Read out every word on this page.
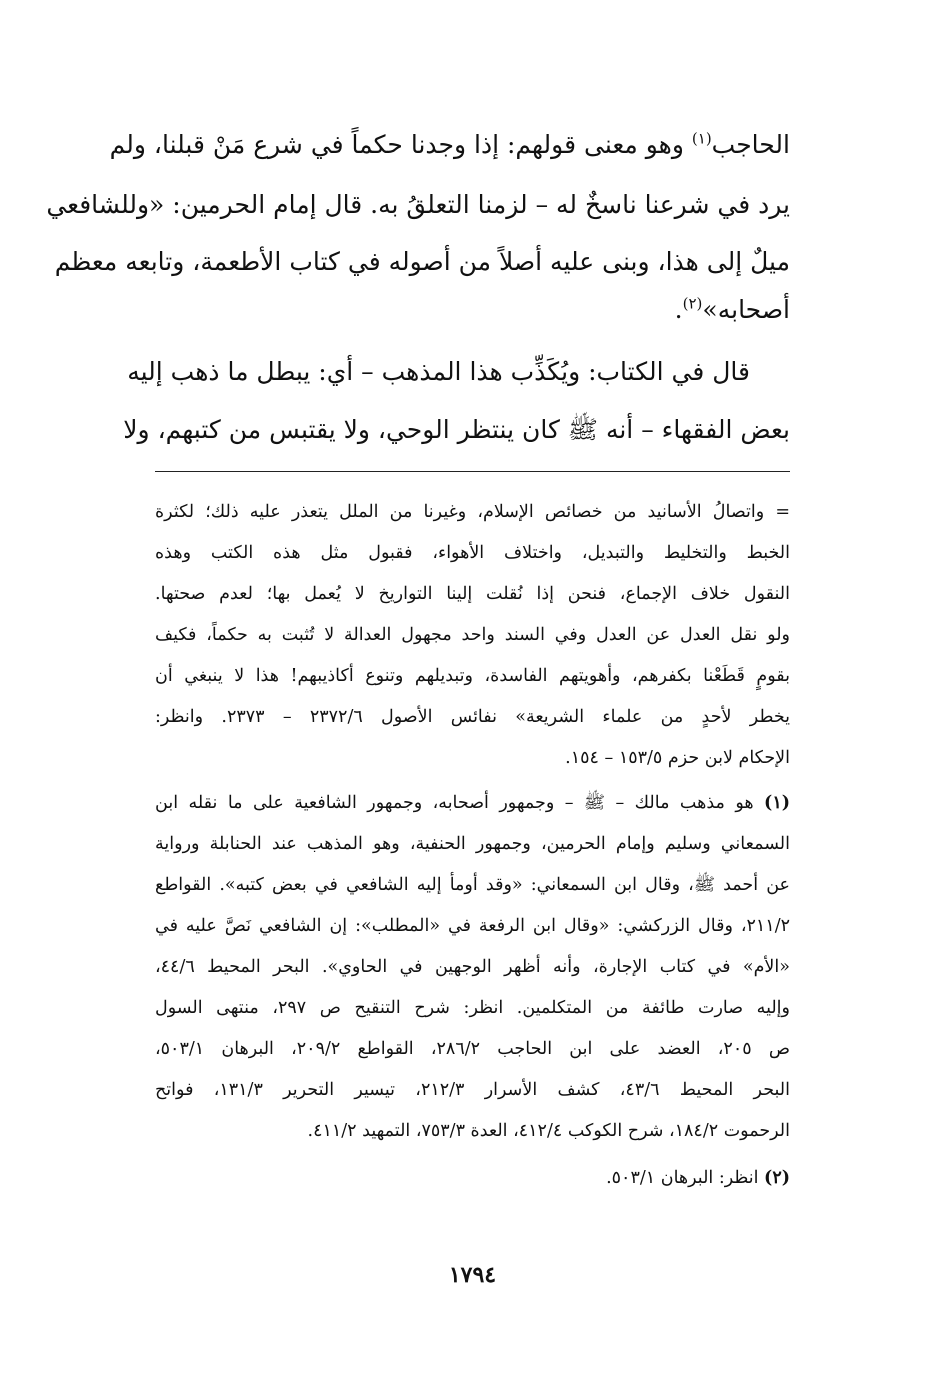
الحاجب$^{(١)}$ وهو معنى قولهم: إذا وجدنا حكماً في شرع مَنْ قبلنا، ولم

يرد في شرعنا ناسخٌ له – لزمنا التعلقُ به. قال إمام الحرمين: «وللشافعي

ميلٌ إلى هذا، وبنى عليه أصلاً من أصوله في كتاب الأطعمة، وتابعه معظم

أصحابه»$^{(٢)}$.

قال في الكتاب: ويُكَذِّب هذا المذهب – أي: يبطل ما ذهب إليه

بعض الفقهاء – أنه ﷺ كان ينتظر الوحي، ولا يقتبس من كتبهم، ولا

= واتصالُ الأسانيد من خصائص الإسلام، وغيرنا من الملل يتعذر عليه ذلك؛ لكثرة

الخبط والتخليط والتبديل، واختلاف الأهواء، فقبول مثل هذه الكتب وهذه

النقول خلاف الإجماع، فنحن إذا نُقلت إلينا التواريخ لا يُعمل بها؛ لعدم صحتها.

ولو نقل العدل عن العدل وفي السند واحد مجهول العدالة لا تُثبت به حكماً، فكيف

بقومٍ قَطَعْنا بكفرهم، وأهويتهم الفاسدة، وتبديلهم وتنوع أكاذيبهم! هذا لا ينبغي أن

يخطر لأحدٍ من علماء الشريعة» نفائس الأصول ٢٣٧٢/٦ – ٢٣٧٣. وانظر:

الإحكام لابن حزم ١٥٣/٥ – ١٥٤.

(١) هو مذهب مالك – ﷺ – وجمهور أصحابه، وجمهور الشافعية على ما نقله ابن

السمعاني وسليم وإمام الحرمين، وجمهور الحنفية، وهو المذهب عند الحنابلة ورواية

عن أحمد ﷺ، وقال ابن السمعاني: «وقد أومأ إليه الشافعي في بعض كتبه». القواطع

٢١١/٢، وقال الزركشي: «وقال ابن الرفعة في «المطلب»: إن الشافعي نَصَّ عليه في

«الأم» في كتاب الإجارة، وأنه أظهر الوجهين في الحاوي». البحر المحيط ٤٤/٦،

وإليه صارت طائفة من المتكلمين. انظر: شرح التنقيح ص ٢٩٧، منتهى السول

ص ٢٠٥، العضد على ابن الحاجب ٢٨٦/٢، القواطع ٢٠٩/٢، البرهان ٥٠٣/١،

البحر المحيط ٤٣/٦، كشف الأسرار ٢١٢/٣، تيسير التحرير ١٣١/٣، فواتح

الرحموت ١٨٤/٢، شرح الكوكب ٤١٢/٤، العدة ٧٥٣/٣، التمهيد ٤١١/٢.

(٢) انظر: البرهان ٥٠٣/١.

١٧٩٤
